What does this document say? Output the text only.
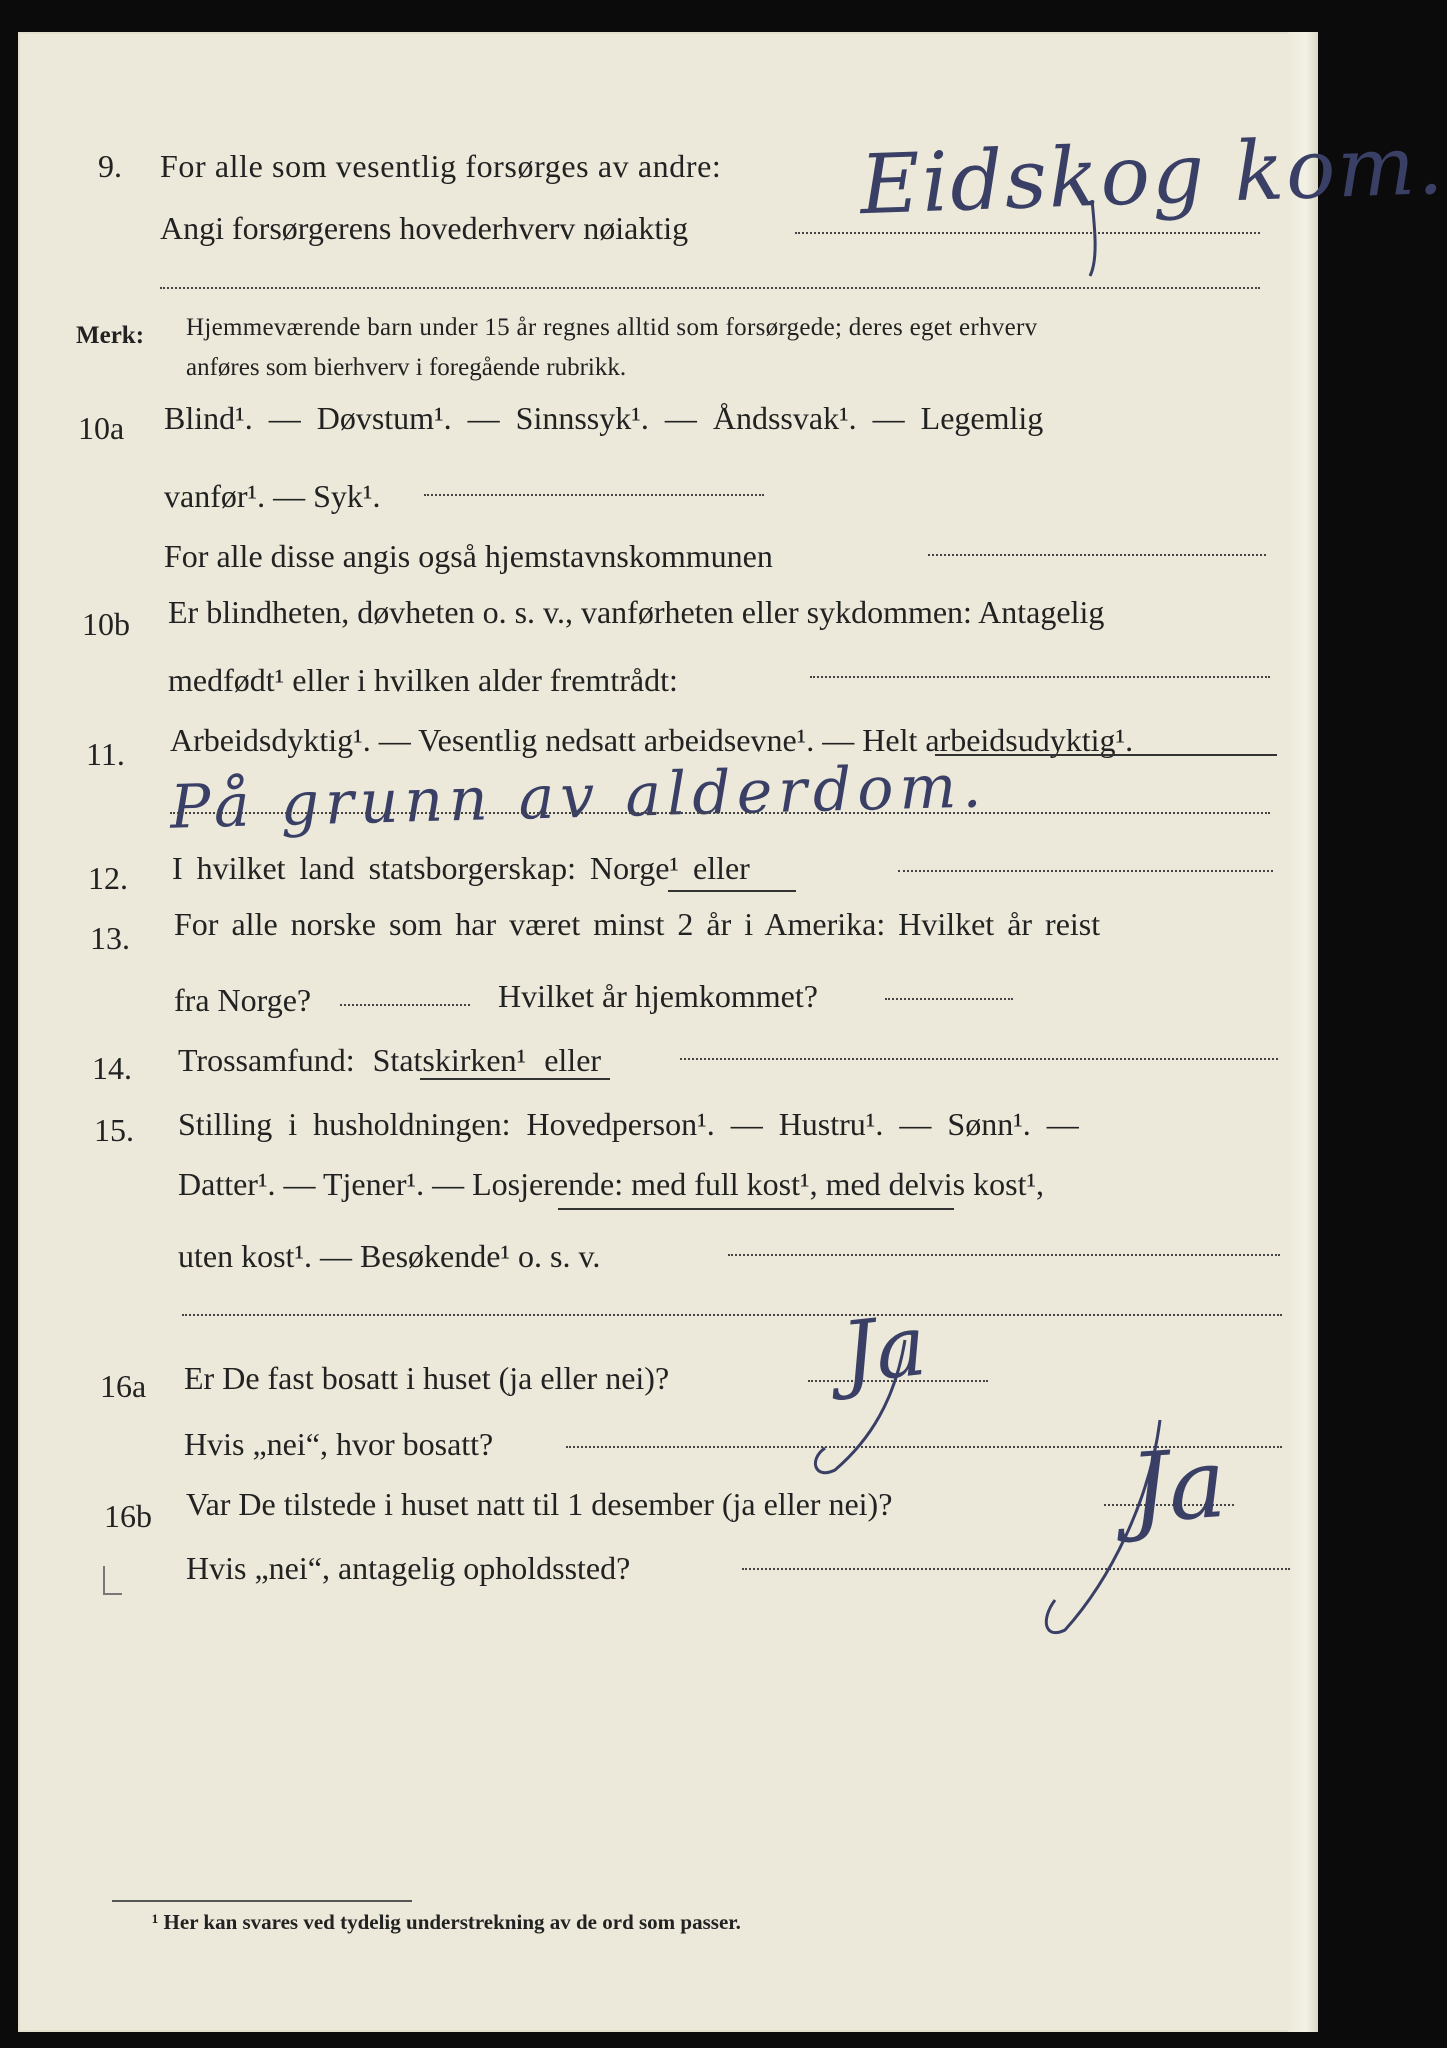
9. For alle som vesentlig forsørges av andre:
Angi forsørgerens hovederhverv nøiaktig Eidskog kom.
Merk: Hjemmeværende barn under 15 år regnes alltid som forsørgede; deres eget erhverv
anføres som bierhverv i foregående rubrikk.
10a Blind¹. — Døvstum¹. — Sinnssyk¹. — Åndssvak¹. — Legemlig
vanfør¹. — Syk¹.
For alle disse angis også hjemstavnskommunen
10b Er blindheten, døvheten o. s. v., vanførheten eller sykdommen: Antagelig
medfødt¹ eller i hvilken alder fremtrådt:
11. Arbeidsdyktig¹. — Vesentlig nedsatt arbeidsevne¹. — Helt arbeidsudyktig¹.
På grunn av alderdom.
12. I hvilket land statsborgerskap: Norge¹ eller
13. For alle norske som har været minst 2 år i Amerika: Hvilket år reist
fra Norge?	Hvilket år hjemkommet?
14. Trossamfund: Statskirken¹ eller
15. Stilling i husholdningen: Hovedperson¹. — Hustru¹. — Sønn¹. —
Datter¹. — Tjener¹. — Losjerende: med full kost¹, med delvis kost¹,
uten kost¹. — Besøkende¹ o. s. v.
16a Er De fast bosatt i huset (ja eller nei)?
Hvis „nei“, hvor bosatt?
Ja
16b Var De tilstede i huset natt til 1 desember (ja eller nei)?
Hvis „nei“, antagelig opholdssted?
Ja
¹ Her kan svares ved tydelig understrekning av de ord som passer.
